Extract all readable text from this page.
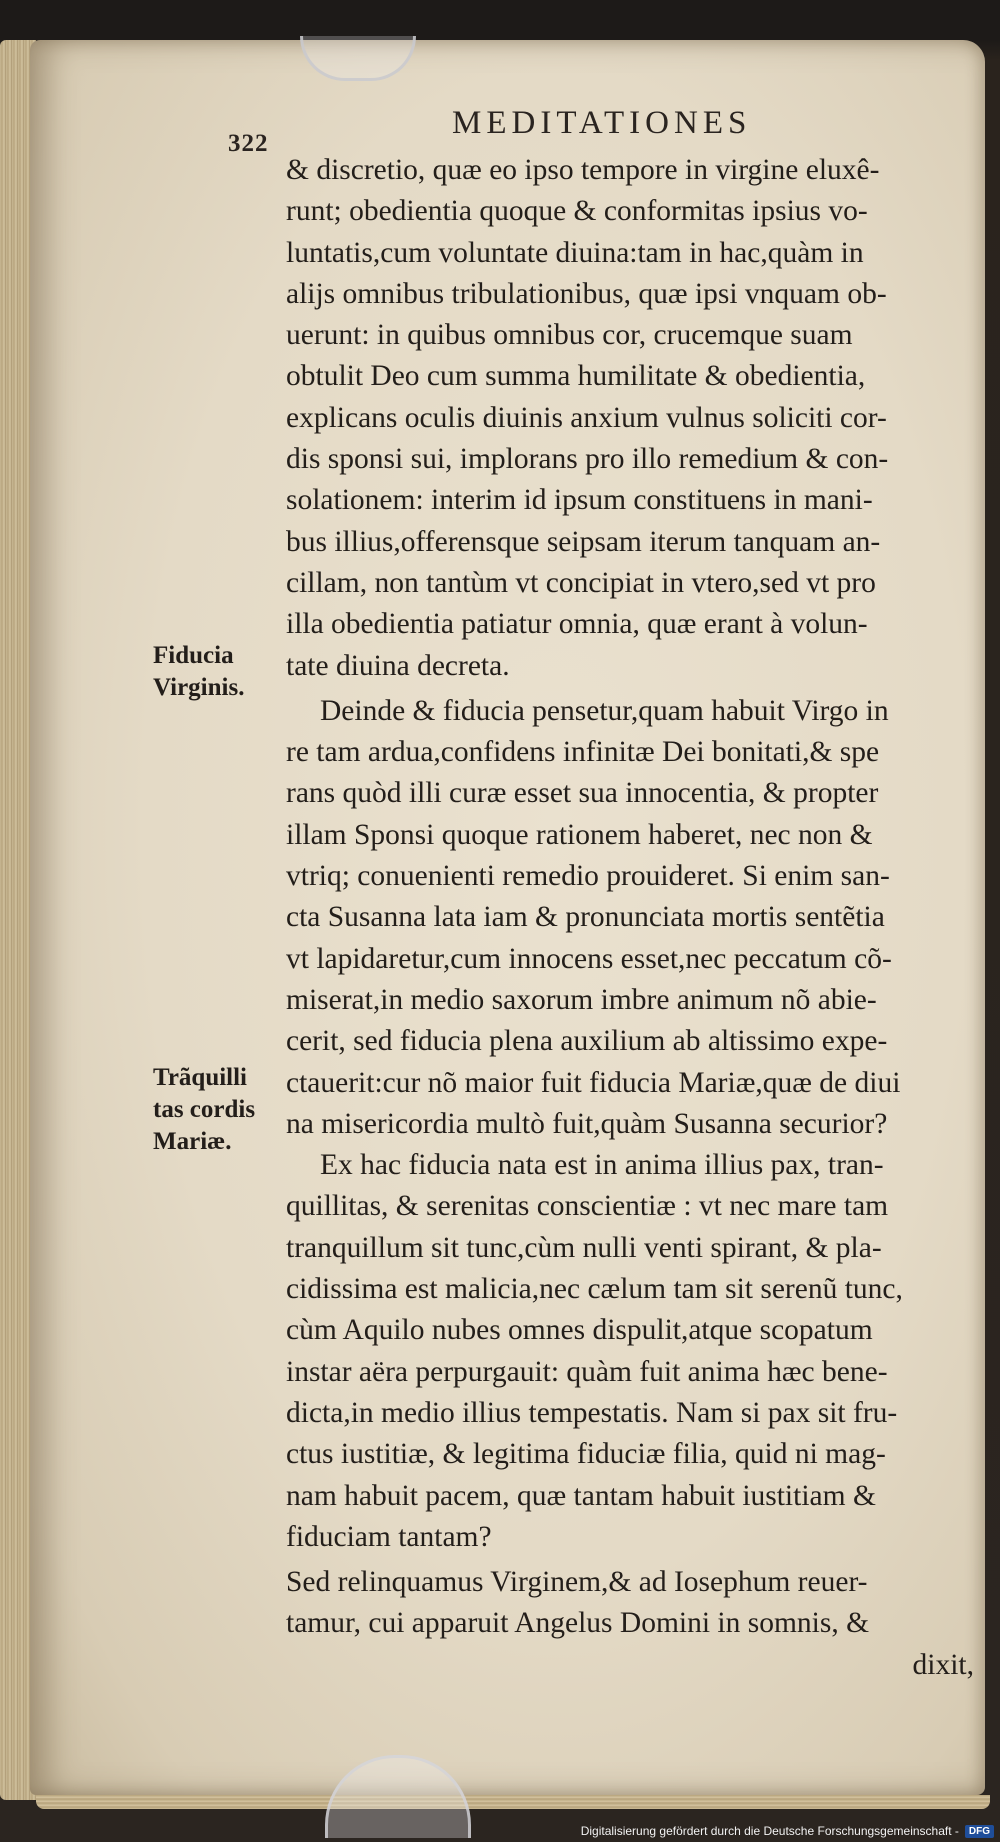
322
MEDITATIONES
& discretio, quæ eo ipso tempore in virgine eluxê-
runt; obedientia quoque & conformitas ipsius vo-
luntatis,cum voluntate diuina:tam in hac,quàm in
alijs omnibus tribulationibus, quæ ipsi vnquam ob-
uerunt: in quibus omnibus cor, crucemque suam
obtulit Deo cum summa humilitate & obedientia,
explicans oculis diuinis anxium vulnus soliciti cor-
dis sponsi sui, implorans pro illo remedium & con-
solationem: interim id ipsum constituens in mani-
bus illius,offerensque seipsam iterum tanquam an-
cillam, non tantùm vt concipiat in vtero,sed vt pro
illa obedientia patiatur omnia, quæ erant à volun-
tate diuina decreta.
Deinde & fiducia pensetur,quam habuit Virgo in
re tam ardua,confidens infinitæ Dei bonitati,& spe
rans quòd illi curæ esset sua innocentia, & propter
illam Sponsi quoque rationem haberet, nec non &
vtriq; conuenienti remedio prouideret. Si enim san-
cta Susanna lata iam & pronunciata mortis sentẽtia
vt lapidaretur,cum innocens esset,nec peccatum cõ-
miserat,in medio saxorum imbre animum nõ abie-
cerit, sed fiducia plena auxilium ab altissimo expe-
ctauerit:cur nõ maior fuit fiducia Mariæ,quæ de diui
na misericordia multò fuit,quàm Susanna securior?
Ex hac fiducia nata est in anima illius pax, tran-
quillitas, & serenitas conscientiæ : vt nec mare tam
tranquillum sit tunc,cùm nulli venti spirant, & pla-
cidissima est malicia,nec cælum tam sit serenũ tunc,
cùm Aquilo nubes omnes dispulit,atque scopatum
instar aëra perpurgauit: quàm fuit anima hæc bene-
dicta,in medio illius tempestatis. Nam si pax sit fru-
ctus iustitiæ, & legitima fiduciæ filia, quid ni mag-
nam habuit pacem, quæ tantam habuit iustitiam &
fiduciam tantam?
Sed relinquamus Virginem,& ad Iosephum reuer-
tamur, cui apparuit Angelus Domini in somnis, &
dixit,
Fiducia
Virginis.
Trãquilli
tas cordis
Mariæ.
Digitalisierung gefördert durch die Deutsche Forschungsgemeinschaft -	DFG
